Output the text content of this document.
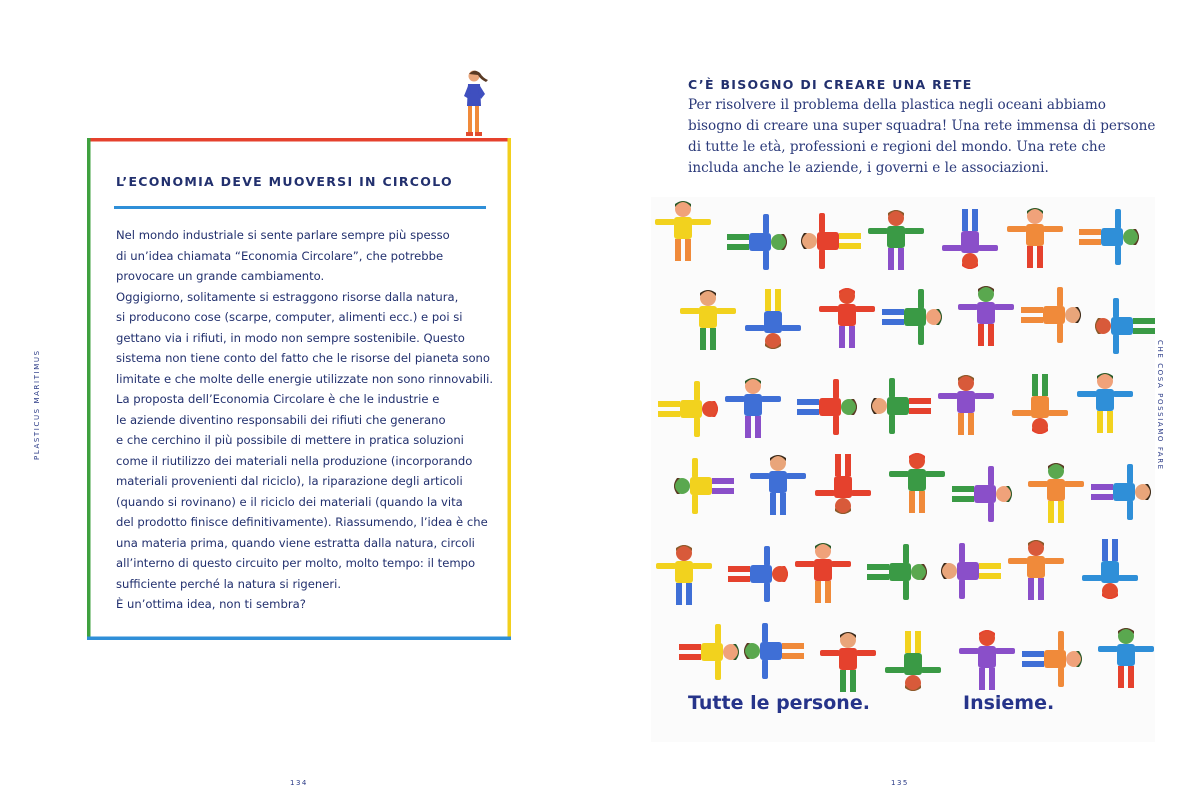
PLASTICUS MARITIMUS
134
L’ECONOMIA DEVE MUOVERSI IN CIRCOLO

Nel mondo industriale si sente parlare sempre più spesso

di un’idea chiamata “Economia Circolare”, che potrebbe

provocare un grande cambiamento.

Oggigiorno, solitamente si estraggono risorse dalla natura,

si producono cose (scarpe, computer, alimenti ecc.) e poi si

gettano via i rifiuti, in modo non sempre sostenibile. Questo

sistema non tiene conto del fatto che le risorse del pianeta sono

limitate e che molte delle energie utilizzate non sono rinnovabili.

La proposta dell’Economia Circolare è che le industrie e

le aziende diventino responsabili dei rifiuti che generano

e che cerchino il più possibile di mettere in pratica soluzioni

come il riutilizzo dei materiali nella produzione (incorporando

materiali provenienti dal riciclo), la riparazione degli articoli

(quando si rovinano) e il riciclo dei materiali (quando la vita

del prodotto finisce definitivamente). Riassumendo, l’idea è che

una materia prima, quando viene estratta dalla natura, circoli

all’interno di questo circuito per molto, molto tempo: il tempo

sufficiente perché la natura si rigeneri.

È un’ottima idea, non ti sembra?

CHE COSA POSSIAMO FARE
135
C’È BISOGNO DI CREARE UNA RETE

Per risolvere il problema della plastica negli oceani abbiamo

bisogno di creare una super squadra! Una rete immensa di persone

di tutte le età, professioni e regioni del mondo. Una rete che

includa anche le aziende, i governi e le associazioni.

Tutte le persone.	Insieme.
